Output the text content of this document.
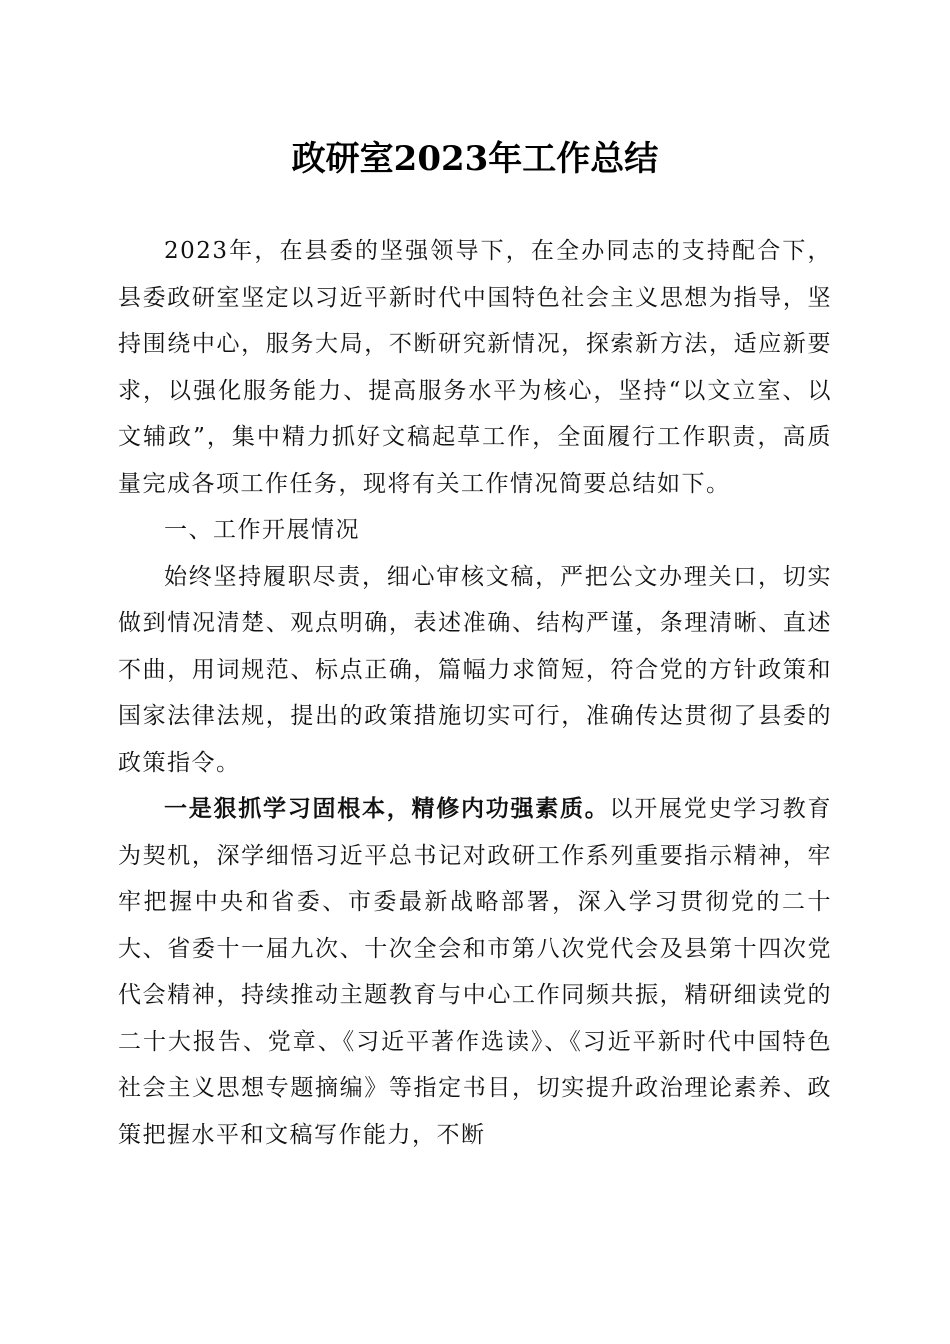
政研室2023年工作总结

2023年，在县委的坚强领导下，在全办同志的支持配合下，县委政研室坚定以习近平新时代中国特色社会主义思想为指导，坚持围绕中心，服务大局，不断研究新情况，探索新方法，适应新要求，以强化服务能力、提高服务水平为核心，坚持“以文立室、以文辅政”，集中精力抓好文稿起草工作，全面履行工作职责，高质量完成各项工作任务，现将有关工作情况简要总结如下。

一、工作开展情况

始终坚持履职尽责，细心审核文稿，严把公文办理关口，切实做到情况清楚、观点明确，表述准确、结构严谨，条理清晰、直述不曲，用词规范、标点正确，篇幅力求简短，符合党的方针政策和国家法律法规，提出的政策措施切实可行，准确传达贯彻了县委的政策指令。

一是狠抓学习固根本，精修内功强素质。以开展党史学习教育为契机，深学细悟习近平总书记对政研工作系列重要指示精神，牢牢把握中央和省委、市委最新战略部署，深入学习贯彻党的二十大、省委十一届九次、十次全会和市第八次党代会及县第十四次党代会精神，持续推动主题教育与中心工作同频共振，精研细读党的二十大报告、党章、《习近平著作选读》、《习近平新时代中国特色社会主义思想专题摘编》等指定书目，切实提升政治理论素养、政策把握水平和文稿写作能力，不断
